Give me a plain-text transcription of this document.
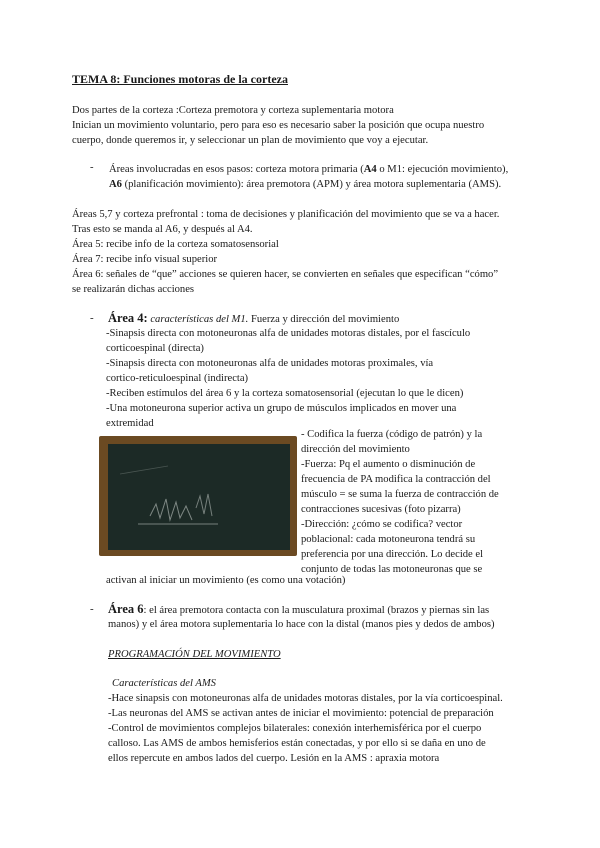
TEMA 8: Funciones motoras de la corteza
Dos partes de la corteza :Corteza premotora y corteza suplementaria motora
Inician un movimiento voluntario, pero para eso es necesario saber la posición que ocupa nuestro
cuerpo, donde queremos ir, y seleccionar un plan de movimiento que voy a ejecutar.
- Áreas involucradas en esos pasos: corteza motora primaria (A4 o M1: ejecución movimiento),
A6 (planificación movimiento): área premotora (APM) y área motora suplementaria (AMS).
Áreas 5,7 y corteza prefrontal : toma de decisiones y planificación del movimiento que se va a hacer.
Tras esto se manda al A6, y después al A4.
Área 5: recibe info de la corteza somatosensorial
Área 7: recibe info visual superior
Área 6: señales de “que” acciones se quieren hacer, se convierten en señales que especifican “cómo”
se realizarán dichas acciones
- Área 4: características del M1. Fuerza y dirección del movimiento
-Sinapsis directa con motoneuronas alfa de unidades motoras distales, por el fascículo
corticoespinal (directa)
-Sinapsis directa con motoneuronas alfa de unidades motoras proximales, vía
cortico-reticuloespinal (indirecta)
-Reciben estímulos del área 6 y la corteza somatosensorial (ejecutan lo que le dicen)
-Una motoneurona superior activa un grupo de músculos implicados en mover una
extremidad
- Codifica la fuerza (código de patrón) y la
dirección del movimiento
-Fuerza: Pq el aumento o disminución de
frecuencia de PA modifica la contracción del
músculo = se suma la fuerza de contracción de
contracciones sucesivas (foto pizarra)
-Dirección: ¿cómo se codifica? vector
poblacional: cada motoneurona tendrá su
preferencia por una dirección. Lo decide el
conjunto de todas las motoneuronas que se
activan al iniciar un movimiento (es como una votación)
- Área 6: el área premotora contacta con la musculatura proximal (brazos y piernas sin las
manos) y el área motora suplementaria lo hace con la distal (manos pies y dedos de ambos)
PROGRAMACIÓN DEL MOVIMIENTO
Características del AMS
-Hace sinapsis con motoneuronas alfa de unidades motoras distales, por la vía corticoespinal.
-Las neuronas del AMS se activan antes de iniciar el movimiento: potencial de preparación
-Control de movimientos complejos bilaterales: conexión interhemisférica por el cuerpo
calloso. Las AMS de ambos hemisferios están conectadas, y por ello si se daña en uno de
ellos repercute en ambos lados del cuerpo. Lesión en la AMS : apraxia motora
